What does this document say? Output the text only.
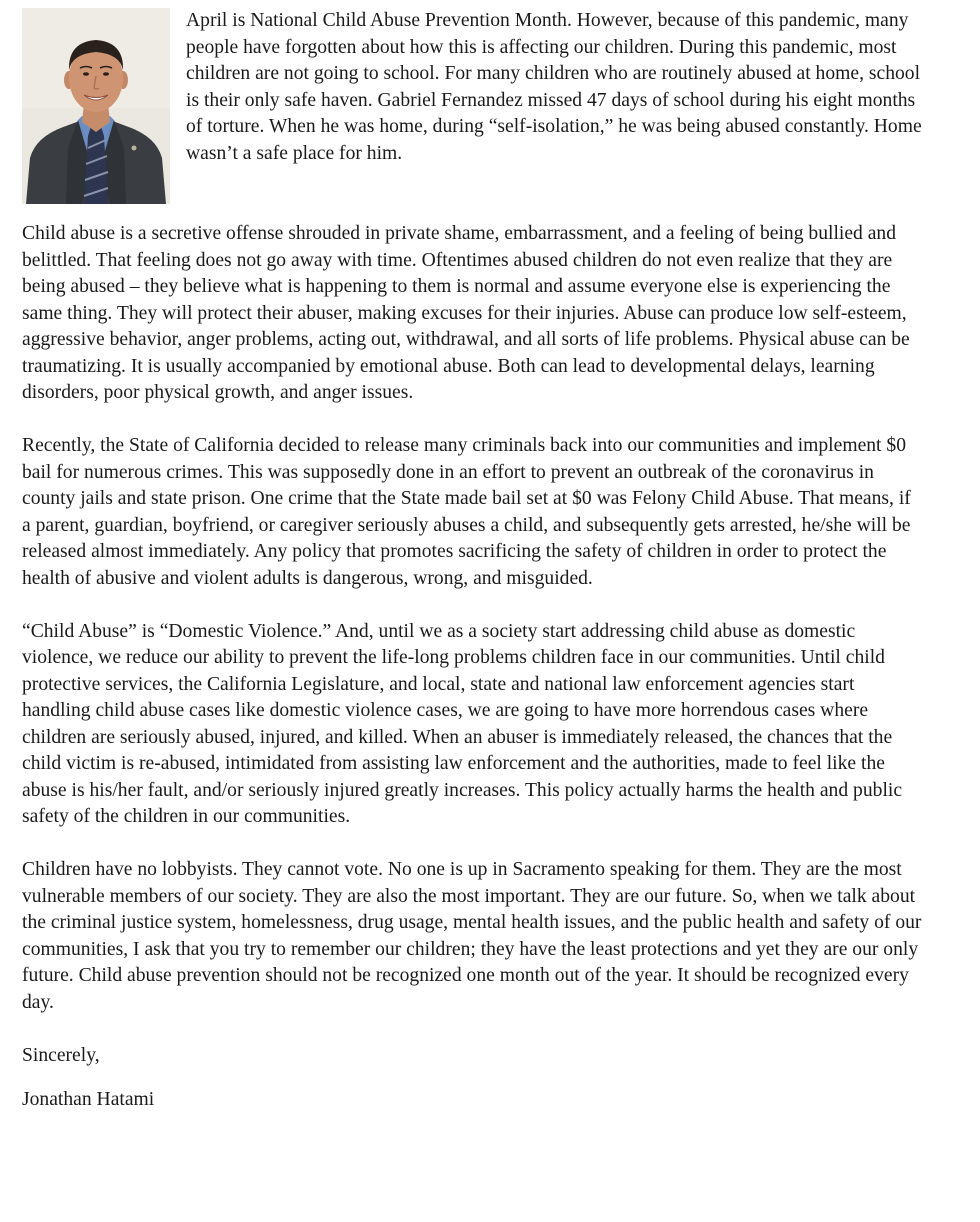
April is National Child Abuse Prevention Month. However, because of this pandemic, many people have forgotten about how this is affecting our children. During this pandemic, most children are not going to school. For many children who are routinely abused at home, school is their only safe haven. Gabriel Fernandez missed 47 days of school during his eight months of torture. When he was home, during “self-isolation,” he was being abused constantly. Home wasn’t a safe place for him.

Child abuse is a secretive offense shrouded in private shame, embarrassment, and a feeling of being bullied and belittled. That feeling does not go away with time. Oftentimes abused children do not even realize that they are being abused – they believe what is happening to them is normal and assume everyone else is experiencing the same thing. They will protect their abuser, making excuses for their injuries. Abuse can produce low self-esteem, aggressive behavior, anger problems, acting out, withdrawal, and all sorts of life problems. Physical abuse can be traumatizing. It is usually accompanied by emotional abuse. Both can lead to developmental delays, learning disorders, poor physical growth, and anger issues.

Recently, the State of California decided to release many criminals back into our communities and implement $0 bail for numerous crimes. This was supposedly done in an effort to prevent an outbreak of the coronavirus in county jails and state prison. One crime that the State made bail set at $0 was Felony Child Abuse. That means, if a parent, guardian, boyfriend, or caregiver seriously abuses a child, and subsequently gets arrested, he/she will be released almost immediately. Any policy that promotes sacrificing the safety of children in order to protect the health of abusive and violent adults is dangerous, wrong, and misguided.

“Child Abuse” is “Domestic Violence.” And, until we as a society start addressing child abuse as domestic violence, we reduce our ability to prevent the life-long problems children face in our communities. Until child protective services, the California Legislature, and local, state and national law enforcement agencies start handling child abuse cases like domestic violence cases, we are going to have more horrendous cases where children are seriously abused, injured, and killed. When an abuser is immediately released, the chances that the child victim is re-abused, intimidated from assisting law enforcement and the authorities, made to feel like the abuse is his/her fault, and/or seriously injured greatly increases. This policy actually harms the health and public safety of the children in our communities.

Children have no lobbyists. They cannot vote. No one is up in Sacramento speaking for them. They are the most vulnerable members of our society. They are also the most important. They are our future. So, when we talk about the criminal justice system, homelessness, drug usage, mental health issues, and the public health and safety of our communities, I ask that you try to remember our children; they have the least protections and yet they are our only future. Child abuse prevention should not be recognized one month out of the year. It should be recognized every day.

Sincerely,

Jonathan Hatami
